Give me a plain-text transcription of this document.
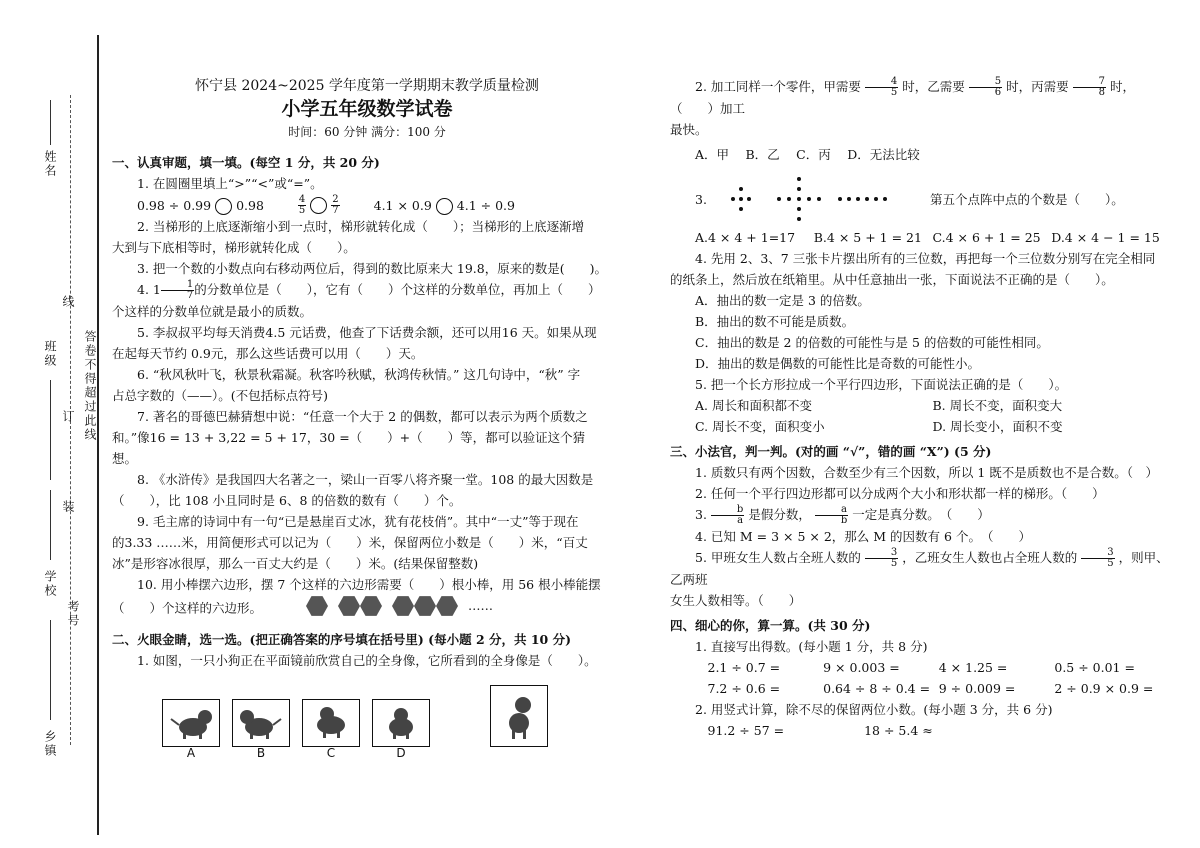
姓名
线
班级
订 答卷不得超过此线
装
学校
考号
乡镇
怀宁县 2024~2025 学年度第一学期期末教学质量检测
小学五年级数学试卷
时间：60 分钟 满分：100 分

一、认真审题，填一填。(每空 1 分，共 20 分)

1. 在圆圈里填上“>”“<”或“=”。

0.98 ÷ 0.99 0.98	$\frac{4}{5}$
$\frac{2}{7}$	4.1 × 0.9 4.1 ÷ 0.9

2. 当梯形的上底逐渐缩小到一点时，梯形就转化成（　　）；当梯形的上底逐渐增

大到与下底相等时，梯形就转化成（　　）。

3. 把一个数的小数点向右移动两位后，得到的数比原来大 19.8，原来的数是(　　)。

4. $1 \frac{1}{7}$ 的分数单位是（　　），它有（　　）个这样的分数单位，再加上（　　）

个这样的分数单位就是最小的质数。

5. 李叔叔平均每天消费4.5 元话费，他查了下话费余额，还可以用16 天。如果从现

在起每天节约 0.9元，那么这些话费可以用（　　）天。

6. “秋风秋叶飞，秋景秋霜凝。秋客吟秋赋，秋鸿传秋情。” 这几句诗中，“秋” 字

占总字数的（——）。(不包括标点符号)

7. 著名的哥德巴赫猜想中说：“任意一个大于 2 的偶数，都可以表示为两个质数之

和。”像16 = 13 + 3,22 = 5 + 17，30 =（　　）+（　　）等，都可以验证这个猜

想。

8. 《水浒传》是我国四大名著之一，梁山一百零八将齐聚一堂。108 的最大因数是

（　　），比 108 小且同时是 6、8 的倍数的数有（　　）个。

9. 毛主席的诗词中有一句“已是悬崖百丈冰，犹有花枝俏”。其中“一丈”等于现在

的3.33 ……米，用简便形式可以记为（　　）米，保留两位小数是（　　）米，“百丈

冰”是形容冰很厚，那么一百丈大约是（　　）米。(结果保留整数)

10. 用小棒摆六边形，摆 7 个这样的六边形需要（　　）根小棒，用 56 根小棒能摆

（　　）个这样的六边形。	……

二、火眼金睛，选一选。(把正确答案的序号填在括号里) (每小题 2 分，共 10 分)

1. 如图，一只小狗正在平面镜前欣赏自己的全身像，它所看到的全身像是（　　）。

A	B	C	D

2. 加工同样一个零件，甲需要 $\frac{4}{5}$ 时，乙需要 $\frac{5}{6}$ 时，丙需要 $\frac{7}{8}$ 时，（　　）加工

最快。

A．甲　 B．乙　 C．丙　 D．无法比较

3.	第五个点阵中点的个数是（　　）。
A.4 × 4 + 1=17	B.4 × 5 + 1 = 21 C.4 × 6 + 1 = 25 D.4 × 4 − 1 = 15

4. 先用 2、3、7 三张卡片摆出所有的三位数，再把每一个三位数分别写在完全相同

的纸条上，然后放在纸箱里。从中任意抽出一张，下面说法不正确的是（　　）。

A．抽出的数一定是 3 的倍数。

B．抽出的数不可能是质数。

C．抽出的数是 2 的倍数的可能性与是 5 的倍数的可能性相同。

D．抽出的数是偶数的可能性比是奇数的可能性小。

5. 把一个长方形拉成一个平行四边形，下面说法正确的是（　　）。

A. 周长和面积都不变	B. 周长不变，面积变大
C. 周长不变，面积变小	D. 周长变小，面积不变

三、小法官，判一判。(对的画 “√”，错的画 “X”) (5 分)

1. 质数只有两个因数，合数至少有三个因数，所以 1 既不是质数也不是合数。（　）

2. 任何一个平行四边形都可以分成两个大小和形状都一样的梯形。（　　）

3. $\frac{b}{a}$ 是假分数， $\frac{a}{b}$ 一定是真分数。　（　　）

4. 已知 M = 3 × 5 × 2，那么 M 的因数有 6 个。　（　　）

5. 甲班女生人数占全班人数的 $\frac{3}{5}$ ，乙班女生人数也占全班人数的 $\frac{3}{5}$ ，则甲、乙两班

女生人数相等。（　　）

四、细心的你，算一算。(共 30 分)

1. 直接写出得数。(每小题 1 分，共 8 分)

2.1 ÷ 0.7 =	9 × 0.003 =	4 × 1.25 =	0.5 ÷ 0.01 =
7.2 ÷ 0.6 =	0.64 ÷ 8 ÷ 0.4 = 9 ÷ 0.009 =	2 ÷ 0.9 × 0.9 =

2. 用竖式计算，除不尽的保留两位小数。(每小题 3 分，共 6 分)

91.2 ÷ 57 =	18 ÷ 5.4 ≈
